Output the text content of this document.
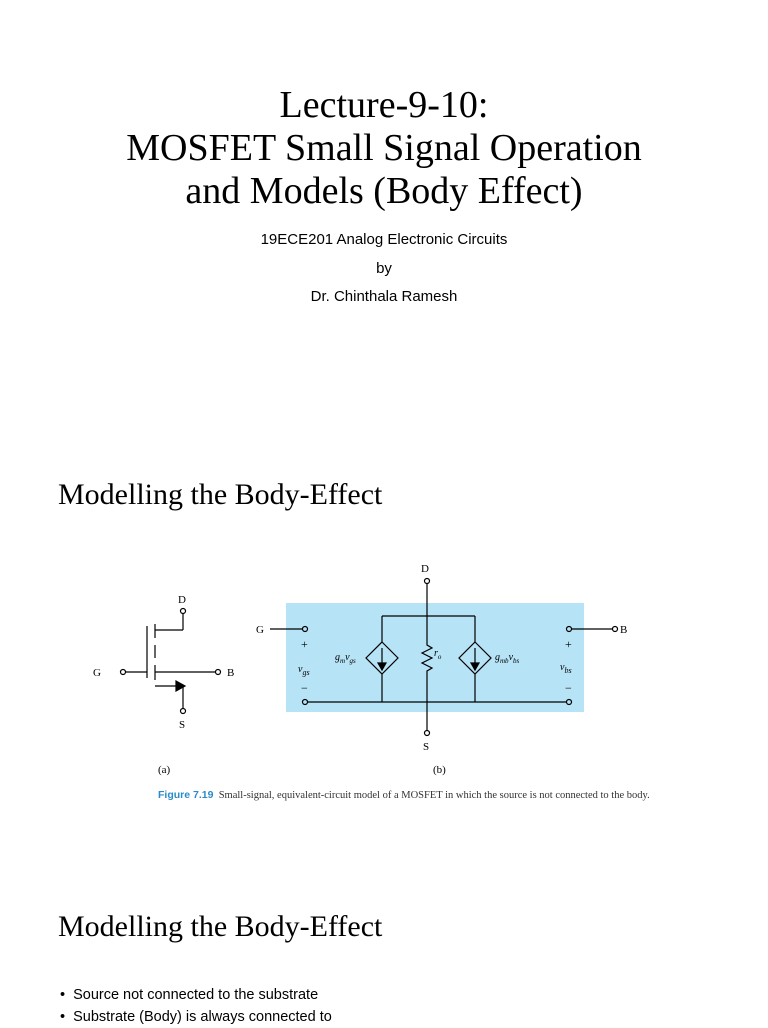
Lecture-9-10:
MOSFET Small Signal Operation
and Models (Body Effect)
19ECE201 Analog Electronic Circuits
by
Dr. Chinthala Ramesh
Modelling the Body-Effect
D
G	B
S
(a)
D
G	B
S
(b)
+
−
$v_{gs}$
+
−
$v_{bs}$
$g_mv_{gs}$
$r_o$	$g_{mb}v_{bs}$
Figure 7.19 Small-signal, equivalent-circuit model of a MOSFET in which the source is not connected to the body.
Modelling the Body-Effect
• Source not connected to the substrate
• Substrate (Body) is always connected to
